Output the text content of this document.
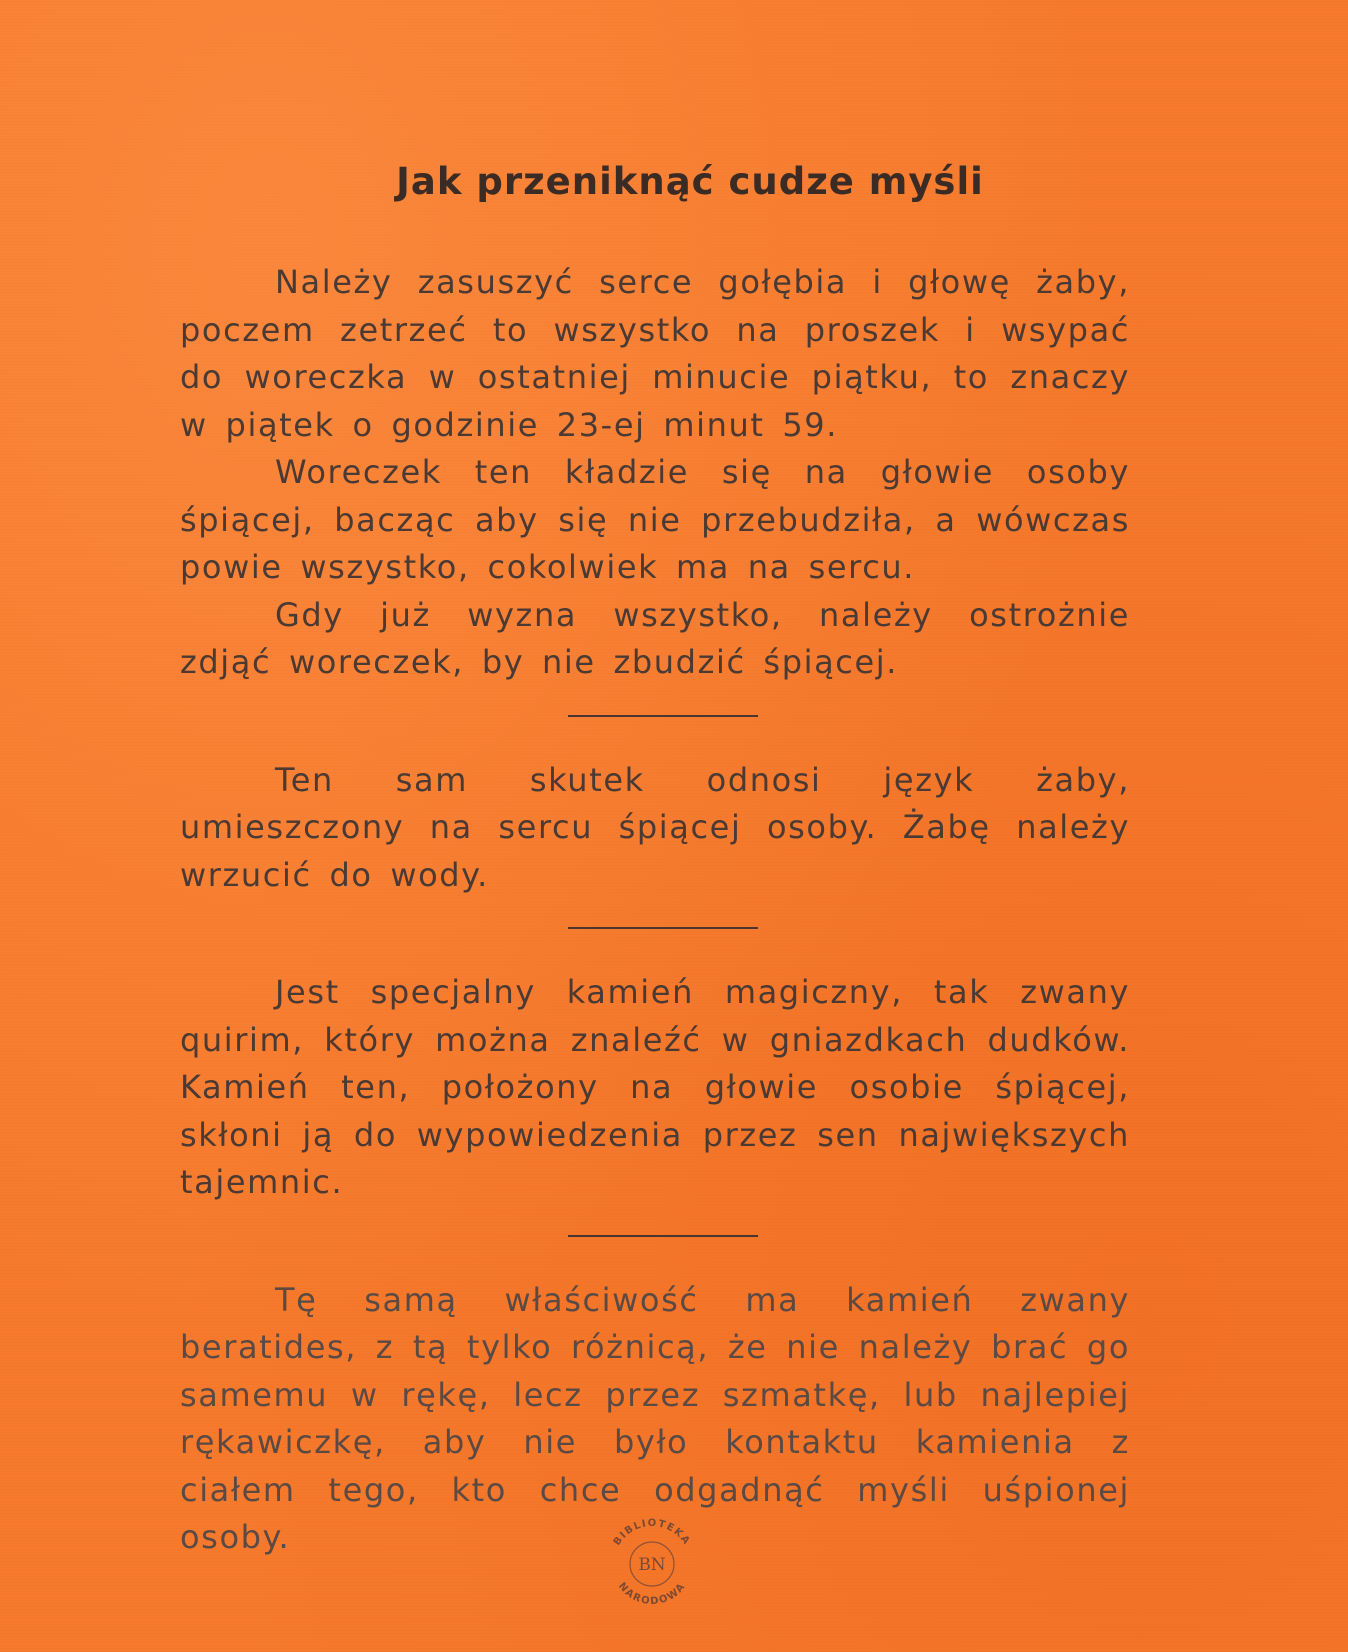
Jak przeniknąć cudze myśli

Należy zasuszyć serce gołębia i głowę żaby, poczem zetrzeć to wszystko na proszek i wsypać do woreczka w ostatniej minucie piątku, to znaczy w piątek o godzinie 23-ej minut 59.

Woreczek ten kładzie się na głowie osoby śpiącej, bacząc aby się nie przebudziła, a wówczas powie wszystko, cokolwiek ma na sercu.

Gdy już wyzna wszystko, należy ostrożnie zdjąć woreczek, by nie zbudzić śpiącej.

Ten sam skutek odnosi język żaby, umieszczony na sercu śpiącej osoby. Żabę należy wrzucić do wody.

Jest specjalny kamień magiczny, tak zwany quirim, który można znaleźć w gniazdkach dudków. Kamień ten, położony na głowie osobie śpiącej, skłoni ją do wypowiedzenia przez sen największych tajemnic.

Tę samą właściwość ma kamień zwany beratides, z tą tylko różnicą, że nie należy brać go samemu w rękę, lecz przez szmatkę, lub najlepiej rękawiczkę, aby nie było kontaktu kamienia z ciałem tego, kto chce odgadnąć myśli uśpionej osoby.	BIBLIOTEKA
BN
NARODOWA
